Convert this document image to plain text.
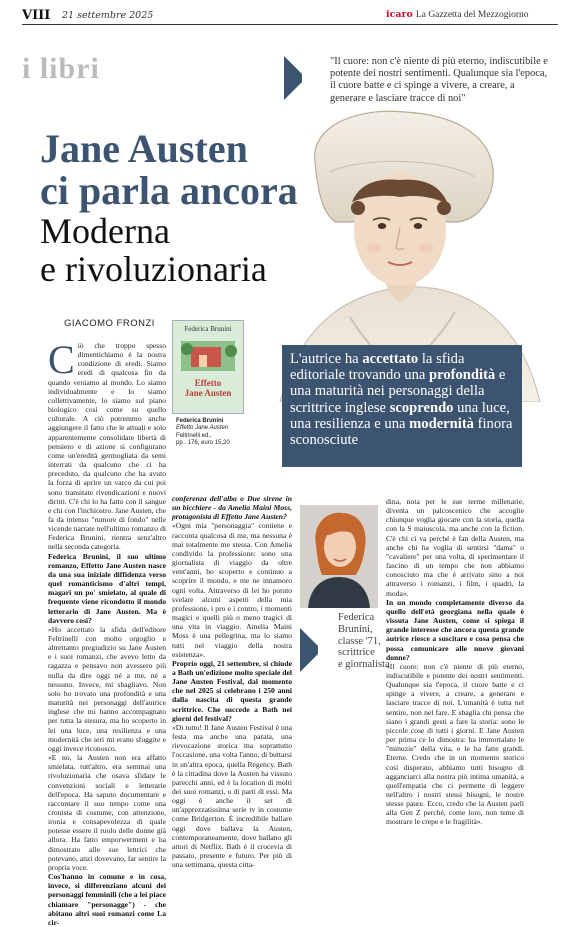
VIII 21 settembre 2025	icaro La Gazzetta del Mezzogiorno
i libri	"Il cuore: non c'è niente di più eterno, indiscutibile e potente dei nostri sentimenti. Qualunque sia l'epoca, il cuore batte e ci spinge a vivere, a creare, a generare e lasciare tracce di noi"
Jane Austen
ci parla ancora
Moderna
e rivoluzionaria
GIACOMO FRONZI

Ciò che troppo spesso dimentichiamo è la nostra condizione di eredi. Siamo eredi di qualcosa fin da quando veniamo al mondo. Lo siamo individualmente e lo siamo collettivamente, lo siamo sul piano biologico così come su quello culturale. A ciò potremmo anche aggiungere il fatto che le attuali e solo apparentemente consolidate libertà di pensiero e di azione si configurano come un'eredità germogliata da semi interrati da qualcuno che ci ha preceduto, da qualcuno che ha avuto la forza di aprire un varco da cui poi sono transitate rivendicazioni e nuovi diritti. C'è chi lo ha fatto con il sangue e chi con l'inchiostro. Jane Austen, che fa da intenso "rumore di fondo" nelle vicende narrate nell'ultimo romanzo di Federica Brunini, rientra senz'altro nella seconda categoria.

Federica Brunini, il suo ultimo romanzo, Effetto Jane Austen nasce da una sua iniziale diffidenza verso quel romanticismo d'altri tempi, magari un po' smielato, al quale di frequente viene ricondotto il mondo letterario di Jane Austen. Ma è davvero così?

«Ho accettato la sfida dell'editore Feltrinelli con molto orgoglio e altrettanto pregiudizio su Jane Austen e i suoi romanzi, che avevo letto da ragazza e pensavo non avessero più nulla da dire oggi né a me, né a nessuno. Invece, mi sbagliavo. Non solo ho trovato una profondità e una maturità nei personaggi dell'autrice inglese che mi hanno accompagnato per tutta la stesura, ma ho scoperto in lei una luce, una resilienza e una modernità che ieri mi erano sfuggite e oggi invece riconosco.

«E no, la Austen non era affatto smielata, tutt'altro, era semmai una rivoluzionaria che osava sfidare le convenzioni sociali e letterarie dell'epoca. Ha saputo documentare e raccontare il suo tempo come una cronista di costume, con attenzione, ironia e consapevolezza di quale potesse essere il ruolo delle donne già allora. Ha fatto emporwerment e ha dimostrato alle sue lettrici che potevano, anzi dovevano, far sentire la propria voce.

Cos'hanno in comune e in cosa, invece, si differenziano alcuni dei personaggi femminili (che a lei piace chiamare "personagge") - che abitano altri suoi romanzi come La cir-

Federica Brunini
Effetto
Jane Austen
Federica Brunini
Effetto Jane Austen
Feltrinelli ed.,
pp . 176, euro 15,20
L'autrice ha accettato la sfida editoriale trovando una profondità e una maturità nei personaggi della scrittrice inglese scoprendo una luce, una resilienza e una modernità finora sconosciute

conferenza dell'alba o Due sirene in un bicchiere - da Amelia Maini Moss, protagonista di Effetto Jane Austen?

«Ogni mia "personaggia" contiene e racconta qualcosa di me, ma nessuna è mai totalmente me stessa. Con Amelia condivido la professione: sono una giornalista di viaggio da oltre vent'anni, ho scoperto e continuo a scoprire il mondo, e me ne innamoro ogni volta. Attraverso di lei ho potuto svelare alcuni aspetti della mia professione, i pro e i contro, i momenti magici e quelli più o meno tragici di una vita in viaggio. Amelia Maini Moss è una pellegrina, ma lo siamo tutti nel viaggio della nostra esistenza».

Proprio oggi, 21 settembre, si chiude a Bath un'edizione molto speciale del Jane Austen Festival, dal momento che nel 2025 si celebrano i 250 anni dalla nascita di questa grande scrittrice. Che succede a Bath nei giorni del festival?

«Di tutto! Il Jane Austen Festival è una festa ma anche una parata, una rievocazione storica ma soprattutto l'occasione, una volta l'anno, di buttarsi in un'altra epoca, quella Regency. Bath è la cittadina dove la Austen ha vissuto parecchi anni, ed è la location di molti dei suoi romanzi, o di parti di essi. Ma oggi è anche il set di un'apprezzatissima serie tv in costume come Bridgerton. È incredibile ballare oggi dove ballava la Austen, contemporaneamente, dove ballano gli attori di Netflix. Bath è il crocevia di passato, presente e futuro. Per più di una settimana, questa citta-

Federica
Brunini,
classe '71,
scrittrice
e giornalista

dina, nota per le sue terme millenarie, diventa un palcoscenico che accoglie chiunque voglia giocare con la storia, quella con la S maiuscola, ma anche con la fiction. C'è chi ci va perché è fan della Austen, ma anche chi ha voglia di sentirsi "dama" o "cavaliere" per una volta, di sperimentare il fascino di un tempo che non abbiamo conosciuto ma che è arrivato sino a noi attraverso i romanzi, i film, i quadri, la moda».

In un mondo completamente diverso da quello dell'età georgiana nella quale è vissuta Jane Austen, come si spiega il grande interesse che ancora questa grande autrice riesce a suscitare e cosa pensa che possa comunicare alle nuove giovani donne?

«Il cuore: non c'è niente di più eterno, indiscutibile e potente dei nostri sentimenti. Qualunque sia l'epoca, il cuore batte e ci spinge a vivere, a creare, a generare e lasciare tracce di noi. L'umanità è tutta nel sentire, non nel fare. E sbaglia chi pensa che siano i grandi gesti a fare la storia: sono le piccole cose di tutti i giorni. E Jane Austen per prima ce lo dimostra: ha immortalato le "minuzie" della vita, e le ha fatte grandi. Eterne. Credo che in un momento storico così disperato, abbiamo tutti bisogno di agganciarci alla nostra più intima umanità, a quell'empatia che ci permette di leggere nell'altro i nostri stessi bisogni, le nostre stesse paure. Ecco, credo che la Austen parli alla Gen Z perché, come loro, non teme di mostrare le crepe e le fragilità».
